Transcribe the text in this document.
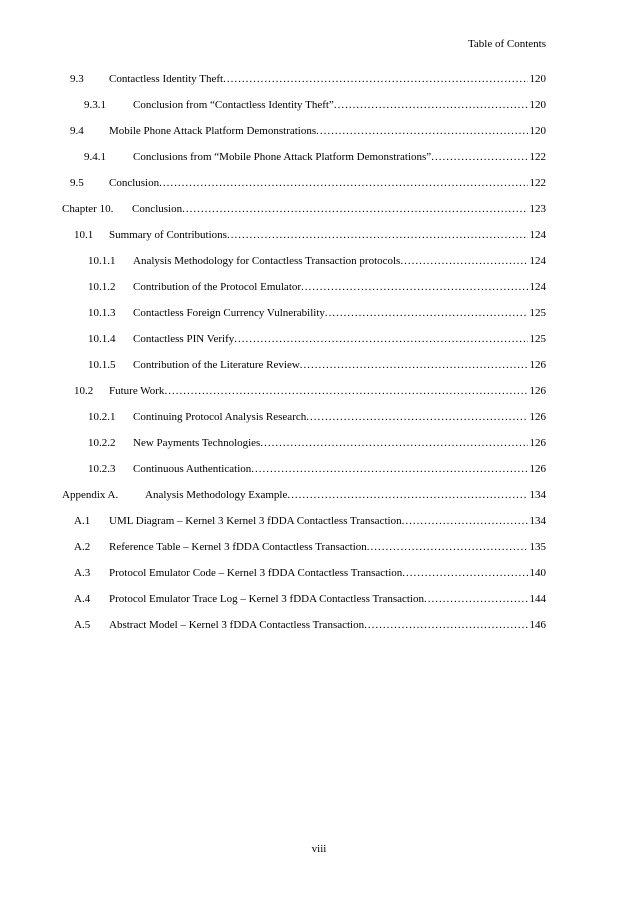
Table of Contents
9.3	Contactless Identity Theft .....	120
9.3.1	Conclusion from “Contactless Identity Theft” .....	120
9.4	Mobile Phone Attack Platform Demonstrations .....	120
9.4.1	Conclusions from “Mobile Phone Attack Platform Demonstrations” .....	122
9.5	Conclusion .....	122
Chapter 10.	Conclusion .....	123
10.1	Summary of Contributions .....	124
10.1.1	Analysis Methodology for Contactless Transaction protocols .....	124
10.1.2	Contribution of the Protocol Emulator .....	124
10.1.3	Contactless Foreign Currency Vulnerability .....	125
10.1.4	Contactless PIN Verify .....	125
10.1.5	Contribution of the Literature Review .....	126
10.2	Future Work .....	126
10.2.1	Continuing Protocol Analysis Research .....	126
10.2.2	New Payments Technologies .....	126
10.2.3	Continuous Authentication .....	126
Appendix A.	Analysis Methodology Example .....	134
A.1	UML Diagram – Kernel 3 Kernel 3 fDDA Contactless Transaction .....	134
A.2	Reference Table – Kernel 3 fDDA Contactless Transaction .....	135
A.3	Protocol Emulator Code – Kernel 3 fDDA Contactless Transaction .....	140
A.4	Protocol Emulator Trace Log – Kernel 3 fDDA Contactless Transaction .....	144
A.5	Abstract Model – Kernel 3 fDDA Contactless Transaction .....	146
viii
